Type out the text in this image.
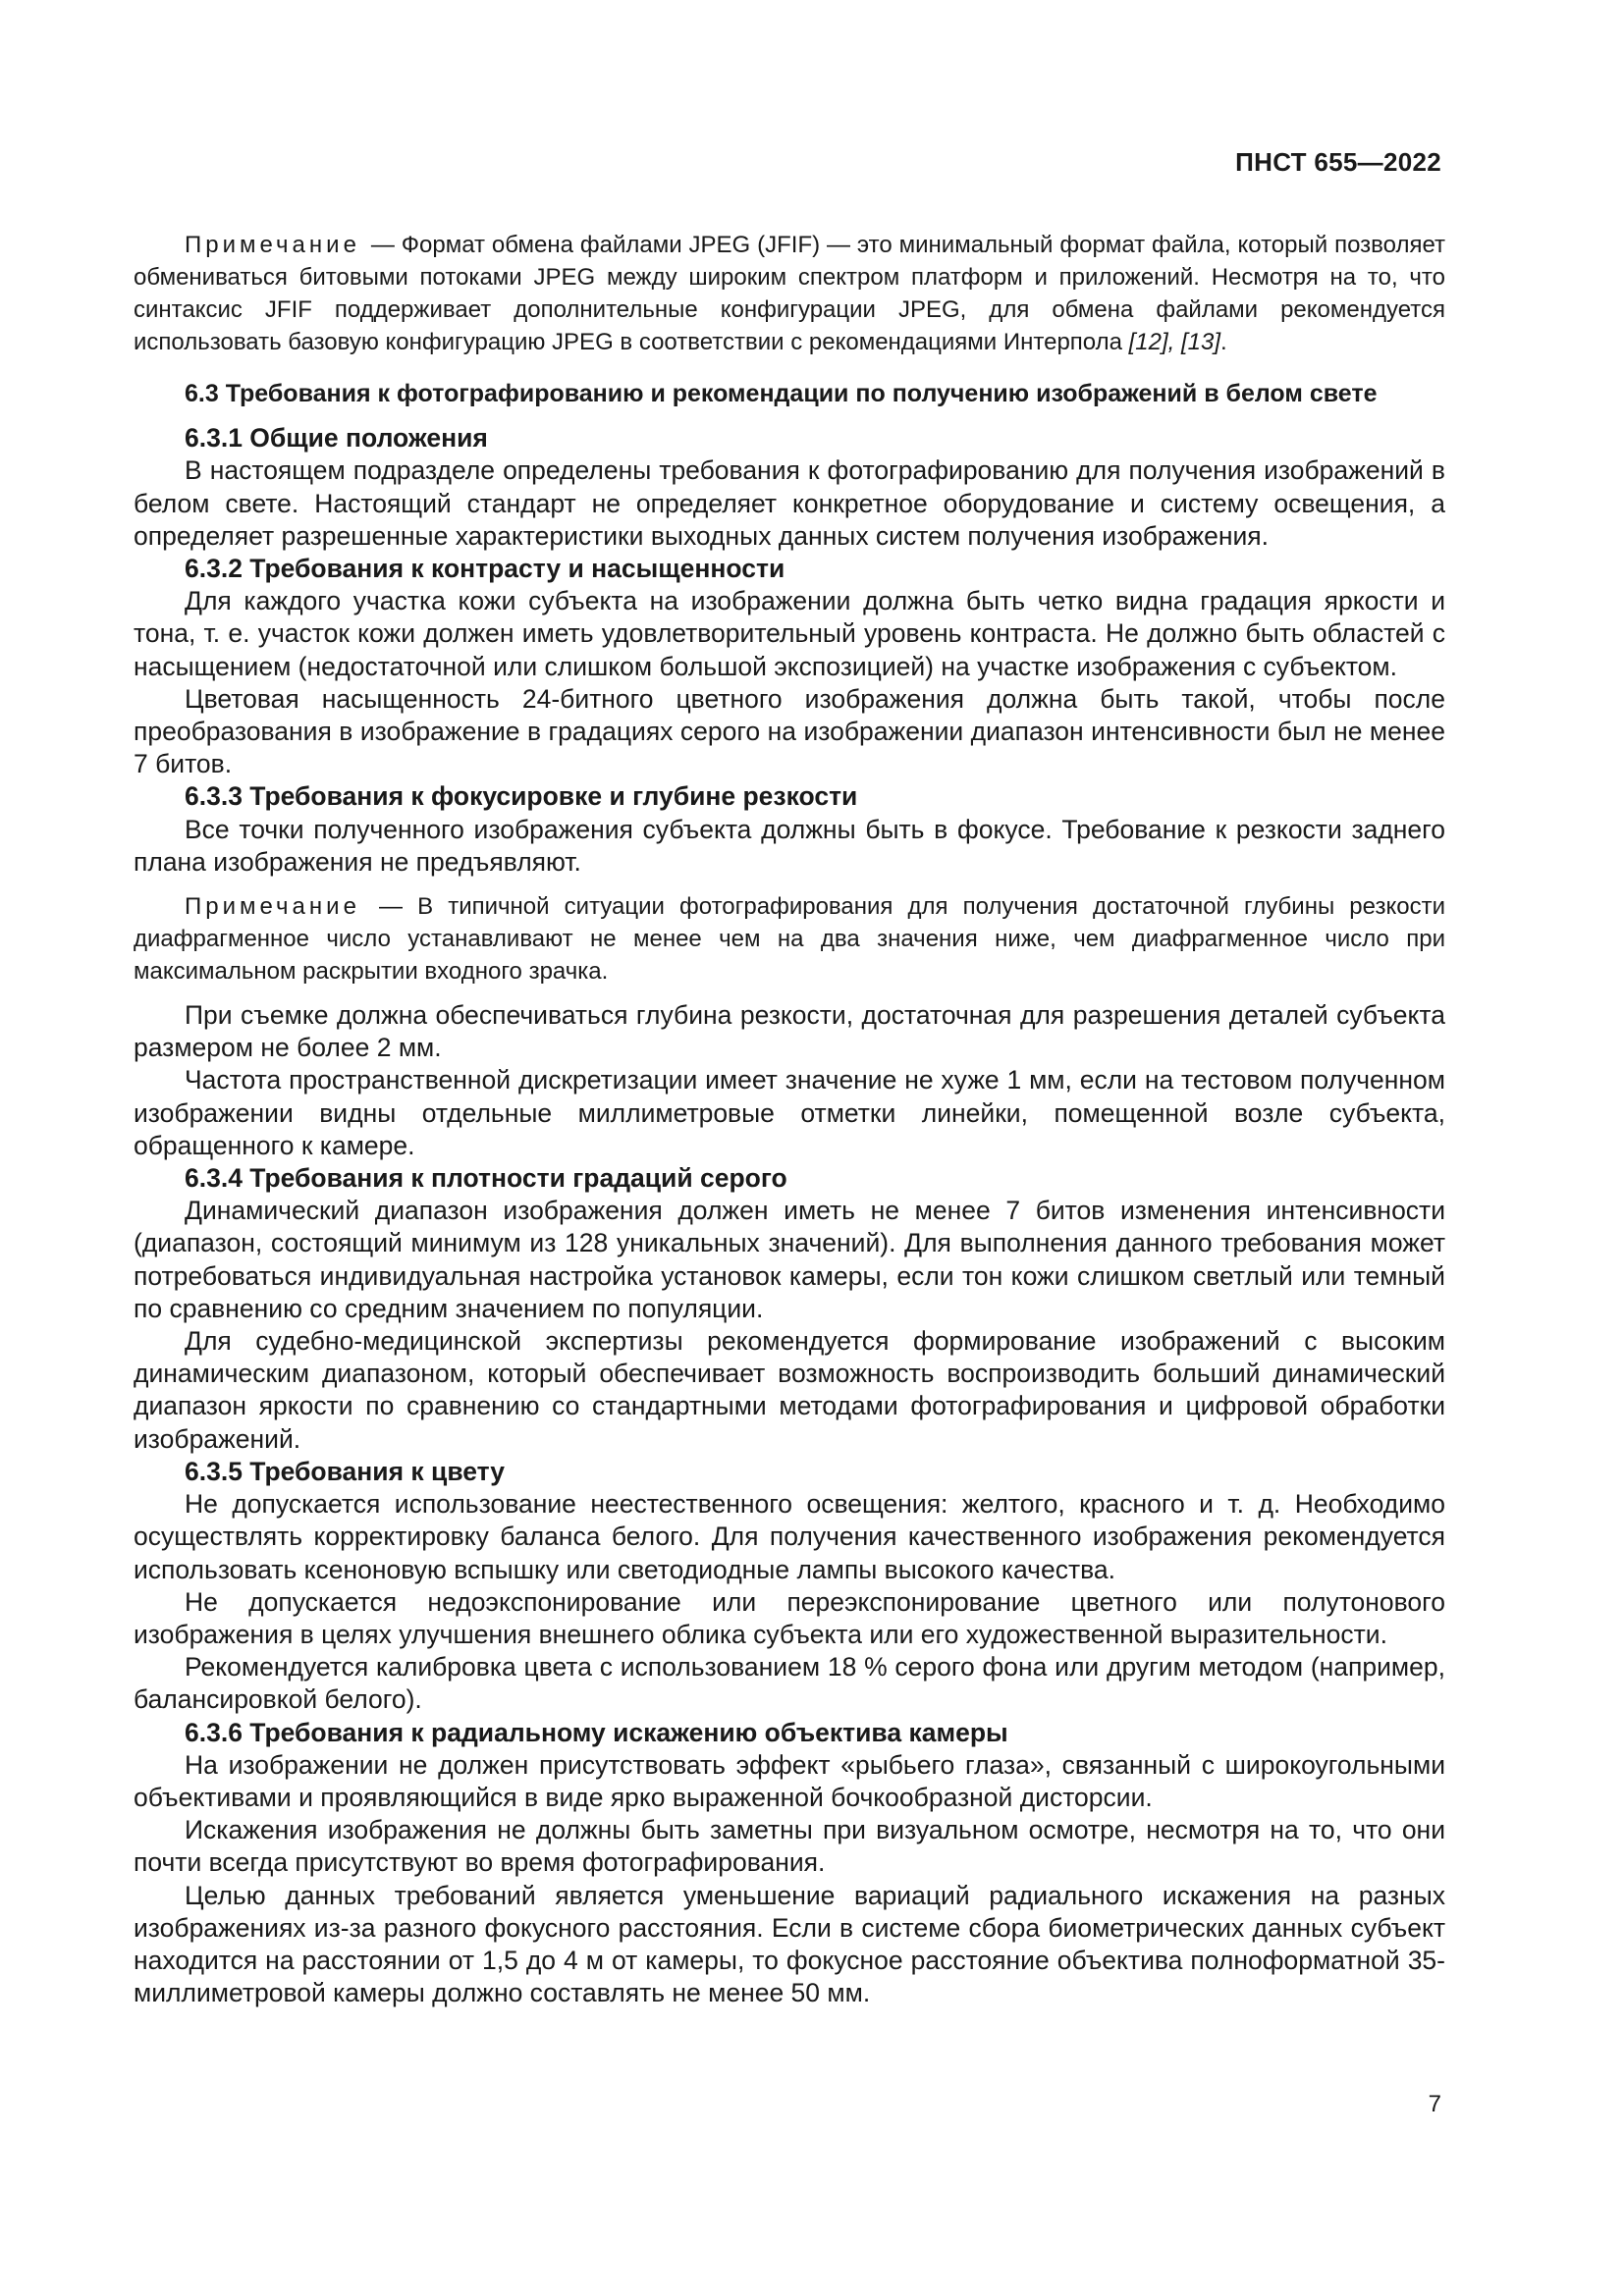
ПНСТ 655—2022

Примечание — Формат обмена файлами JPEG (JFIF) — это минимальный формат файла, который позволяет обмениваться битовыми потоками JPEG между широким спектром платформ и приложений. Несмотря на то, что синтаксис JFIF поддерживает дополнительные конфигурации JPEG, для обмена файлами рекомендуется использовать базовую конфигурацию JPEG в соответствии с рекомендациями Интерпола [12], [13].

6.3 Требования к фотографированию и рекомендации по получению изображений в белом свете
6.3.1 Общие положения

В настоящем подразделе определены требования к фотографированию для получения изображений в белом свете. Настоящий стандарт не определяет конкретное оборудование и систему освещения, а определяет разрешенные характеристики выходных данных систем получения изображения.

6.3.2 Требования к контрасту и насыщенности

Для каждого участка кожи субъекта на изображении должна быть четко видна градация яркости и тона, т. е. участок кожи должен иметь удовлетворительный уровень контраста. Не должно быть областей с насыщением (недостаточной или слишком большой экспозицией) на участке изображения с субъектом.

Цветовая насыщенность 24-битного цветного изображения должна быть такой, чтобы после преобразования в изображение в градациях серого на изображении диапазон интенсивности был не менее 7 битов.

6.3.3 Требования к фокусировке и глубине резкости

Все точки полученного изображения субъекта должны быть в фокусе. Требование к резкости заднего плана изображения не предъявляют.

Примечание — В типичной ситуации фотографирования для получения достаточной глубины резкости диафрагменное число устанавливают не менее чем на два значения ниже, чем диафрагменное число при максимальном раскрытии входного зрачка.

При съемке должна обеспечиваться глубина резкости, достаточная для разрешения деталей субъекта размером не более 2 мм.

Частота пространственной дискретизации имеет значение не хуже 1 мм, если на тестовом полученном изображении видны отдельные миллиметровые отметки линейки, помещенной возле субъекта, обращенного к камере.

6.3.4 Требования к плотности градаций серого

Динамический диапазон изображения должен иметь не менее 7 битов изменения интенсивности (диапазон, состоящий минимум из 128 уникальных значений). Для выполнения данного требования может потребоваться индивидуальная настройка установок камеры, если тон кожи слишком светлый или темный по сравнению со средним значением по популяции.

Для судебно-медицинской экспертизы рекомендуется формирование изображений с высоким динамическим диапазоном, который обеспечивает возможность воспроизводить больший динамический диапазон яркости по сравнению со стандартными методами фотографирования и цифровой обработки изображений.

6.3.5 Требования к цвету

Не допускается использование неестественного освещения: желтого, красного и т. д. Необходимо осуществлять корректировку баланса белого. Для получения качественного изображения рекомендуется использовать ксеноновую вспышку или светодиодные лампы высокого качества.

Не допускается недоэкспонирование или переэкспонирование цветного или полутонового изображения в целях улучшения внешнего облика субъекта или его художественной выразительности.

Рекомендуется калибровка цвета с использованием 18 % серого фона или другим методом (например, балансировкой белого).

6.3.6 Требования к радиальному искажению объектива камеры

На изображении не должен присутствовать эффект «рыбьего глаза», связанный с широкоугольными объективами и проявляющийся в виде ярко выраженной бочкообразной дисторсии.

Искажения изображения не должны быть заметны при визуальном осмотре, несмотря на то, что они почти всегда присутствуют во время фотографирования.

Целью данных требований является уменьшение вариаций радиального искажения на разных изображениях из-за разного фокусного расстояния. Если в системе сбора биометрических данных субъект находится на расстоянии от 1,5 до 4 м от камеры, то фокусное расстояние объектива полноформатной 35-миллиметровой камеры должно составлять не менее 50 мм.

7
